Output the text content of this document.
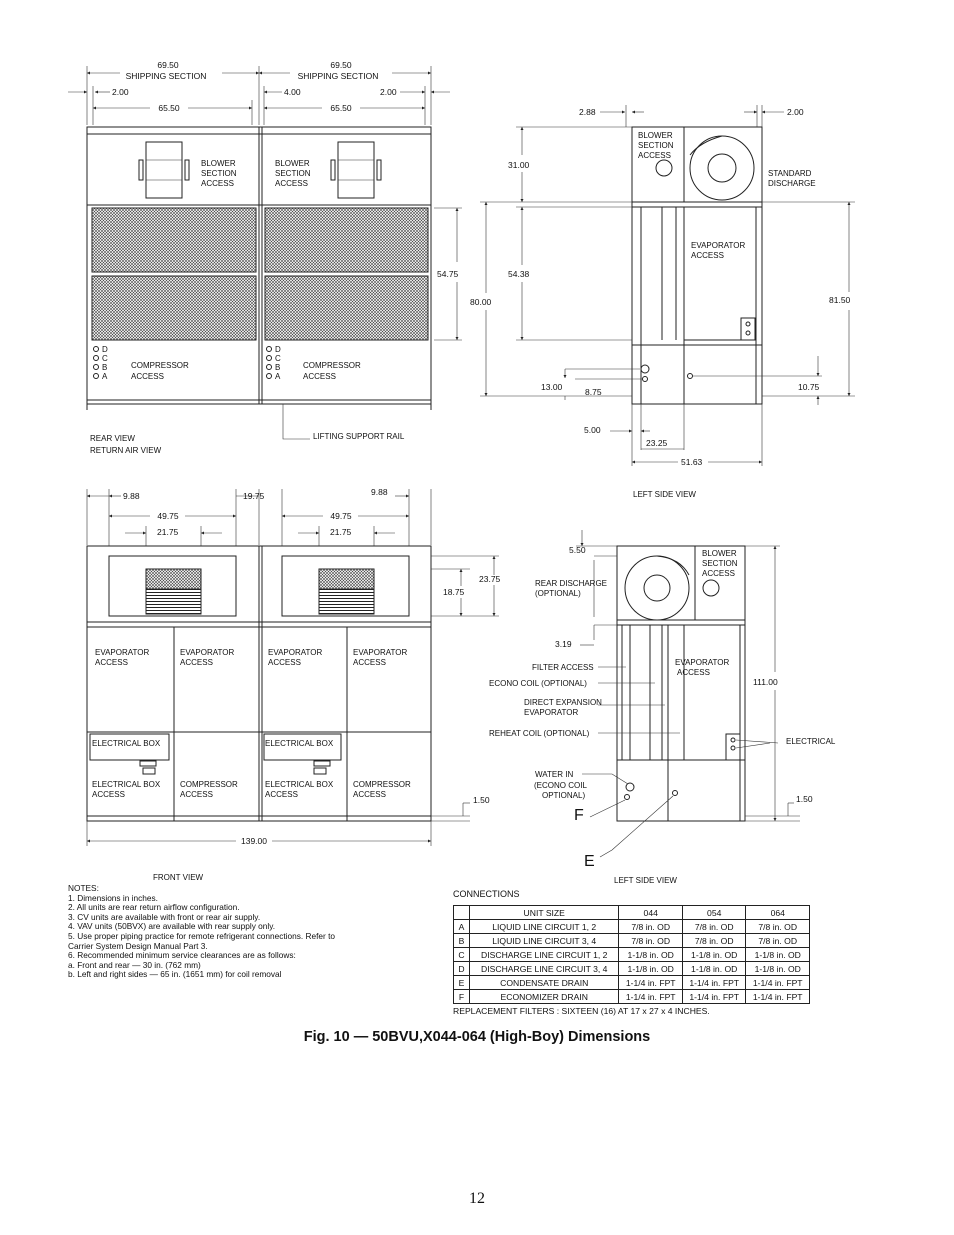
69.50	69.50
SHIPPING SECTION	SHIPPING SECTION
2.00	4.00	2.00
65.50	65.50
BLOWER
SECTION
ACCESS
BLOWER
SECTION
ACCESS
D
C
B
A
D
C
B
A
COMPRESSOR
ACCESS
COMPRESSOR
ACCESS
LIFTING SUPPORT RAIL
54.75
REAR VIEW
RETURN AIR VIEW
BLOWER
SECTION
ACCESS
STANDARD
DISCHARGE
EVAPORATOR
ACCESS
2.88	2.00
31.00
54.38
80.00	81.50
13.00	8.75	10.75
5.00
23.25
51.63
LEFT SIDE VIEW
9.88	19.75	9.88
49.75	49.75
21.75	21.75
EVAPORATOR
ACCESS
EVAPORATOR
ACCESS
EVAPORATOR
ACCESS
EVAPORATOR
ACCESS
ELECTRICAL BOX	ELECTRICAL BOX
ELECTRICAL BOX
ACCESS
ELECTRICAL BOX
ACCESS
COMPRESSOR
ACCESS
COMPRESSOR
ACCESS
1.50
23.75
18.75
139.00
FRONT VIEW
BLOWER
SECTION
ACCESS
EVAPORATOR
ACCESS
5.50
REAR DISCHARGE
(OPTIONAL)
3.19
FILTER ACCESS
ECONO COIL (OPTIONAL)
DIRECT EXPANSION
EVAPORATOR
REHEAT COIL (OPTIONAL)
WATER IN
(ECONO COIL
OPTIONAL)
F
E
111.00
ELECTRICAL
1.50
LEFT SIDE VIEW
NOTES:
1. Dimensions in inches.
2. All units are rear return airflow configuration.
3. CV units are available with front or rear air supply.
4. VAV units (50BVX) are available with rear supply only.
5. Use proper piping practice for remote refrigerant connections. Refer to
Carrier System Design Manual Part 3.
6. Recommended minimum service clearances are as follows:
a. Front and rear — 30 in. (762 mm)
b. Left and right sides — 65 in. (1651 mm) for coil removal
CONNECTIONS
	UNIT SIZE	044	054	064
A	LIQUID LINE CIRCUIT 1, 2	7/8 in. OD	7/8 in. OD	7/8 in. OD
B	LIQUID LINE CIRCUIT 3, 4	7/8 in. OD	7/8 in. OD	7/8 in. OD
C	DISCHARGE LINE CIRCUIT 1, 2	1-1/8 in. OD	1-1/8 in. OD	1-1/8 in. OD
D	DISCHARGE LINE CIRCUIT 3, 4	1-1/8 in. OD	1-1/8 in. OD	1-1/8 in. OD
E	CONDENSATE DRAIN	1-1/4 in. FPT	1-1/4 in. FPT	1-1/4 in. FPT
F	ECONOMIZER DRAIN	1-1/4 in. FPT	1-1/4 in. FPT	1-1/4 in. FPT
REPLACEMENT FILTERS : SIXTEEN (16) AT 17 x 27 x 4 INCHES.
Fig. 10 — 50BVU,X044-064 (High-Boy) Dimensions
12
